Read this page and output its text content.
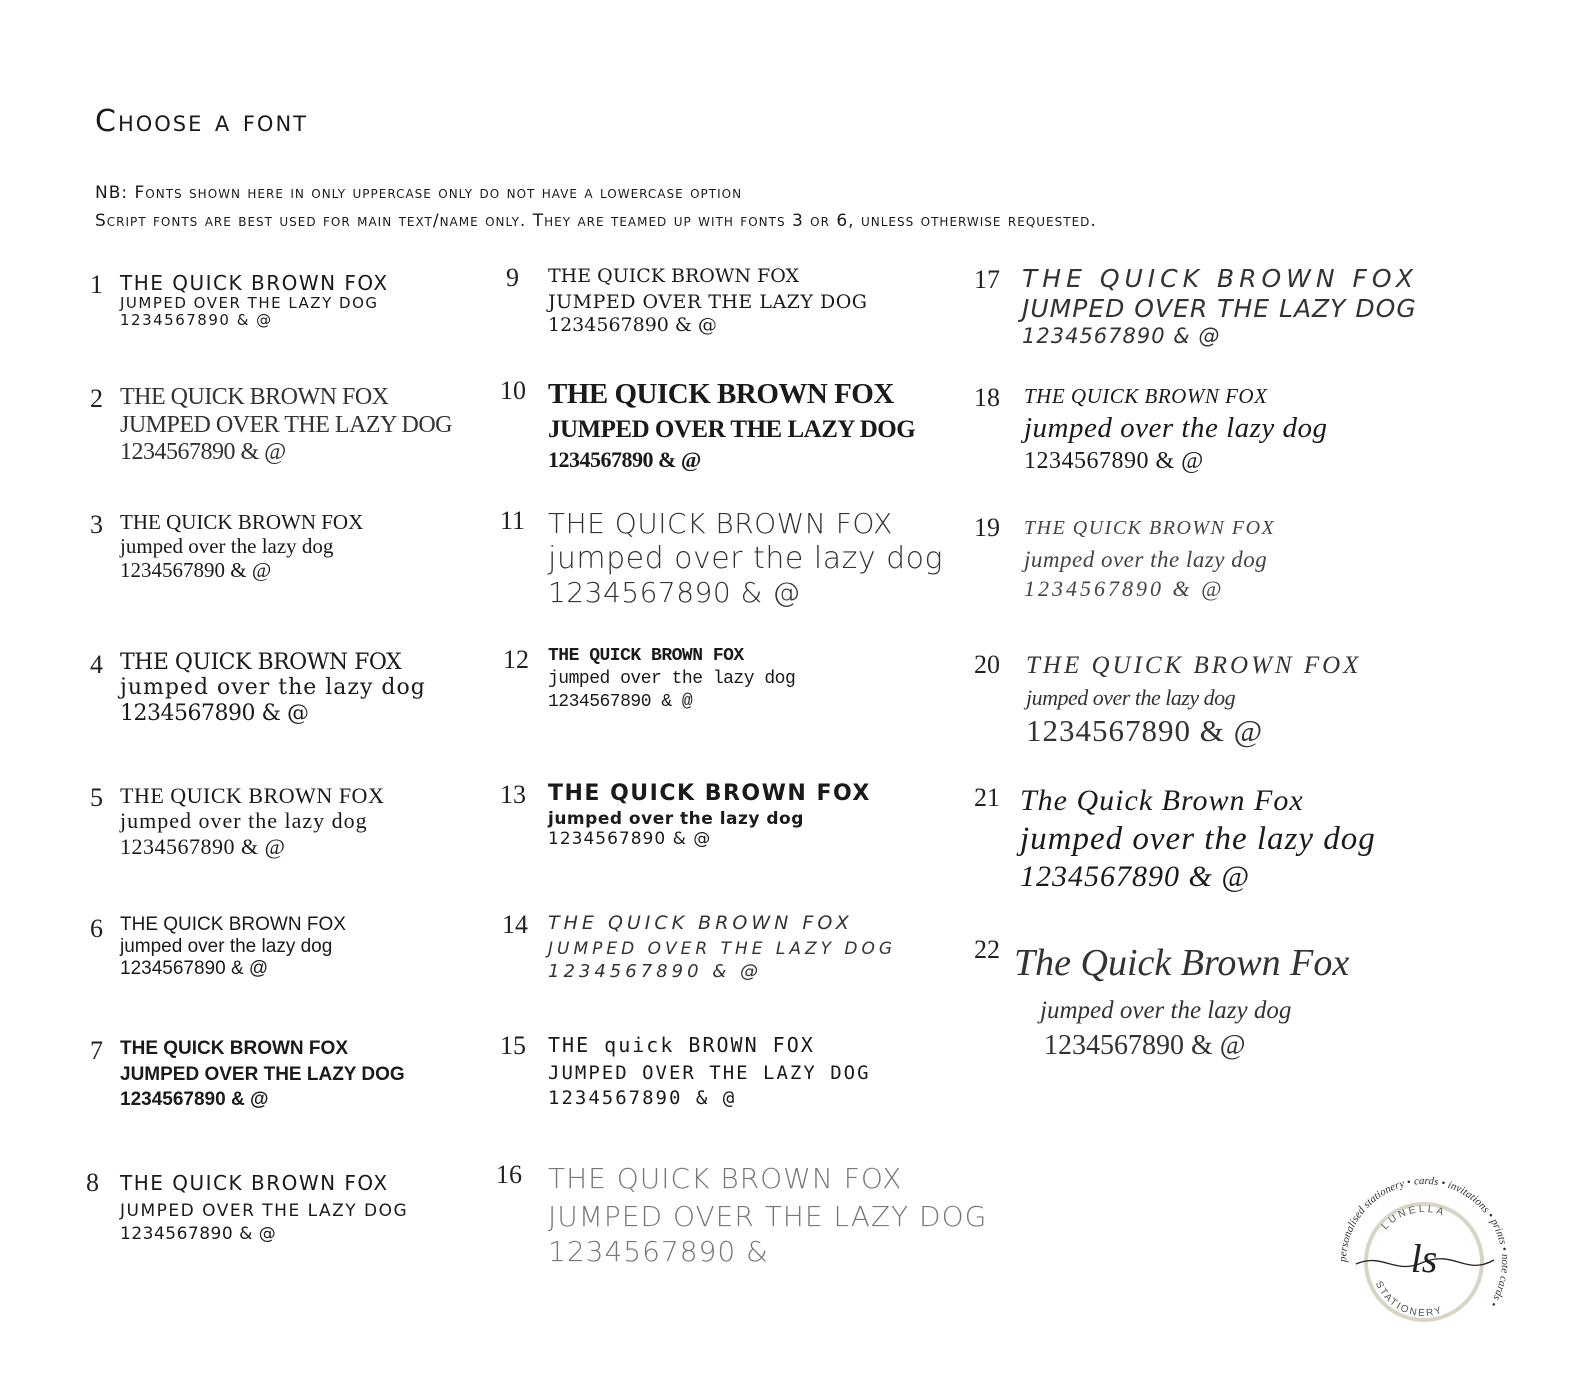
Choose a font
NB: Fonts shown here in only uppercase only do not have a lowercase option
Script fonts are best used for main text/name only. They are teamed up with fonts 3 or 6, unless otherwise requested.
1 THE QUICK BROWN FOX
JUMPED OVER THE LAZY DOG
1234567890 & @
2 THE QUICK BROWN FOX
JUMPED OVER THE LAZY DOG
1234567890 & @
3 THE QUICK BROWN FOX
jumped over the lazy dog
1234567890 & @
4 THE QUICK BROWN FOX
jumped over the lazy dog
1234567890 & @
5 THE QUICK BROWN FOX
jumped over the lazy dog
1234567890 & @
6 THE QUICK BROWN FOX
jumped over the lazy dog
1234567890 & @
7 THE QUICK BROWN FOX
JUMPED OVER THE LAZY DOG
1234567890 & @
8 THE QUICK BROWN FOX
JUMPED OVER THE LAZY DOG
1234567890 & @
9 THE QUICK BROWN FOX
JUMPED OVER THE LAZY DOG
1234567890 & @
10 THE QUICK BROWN FOX
JUMPED OVER THE LAZY DOG
1234567890 & @
11 THE QUICK BROWN FOX
jumped over the lazy dog
1234567890 & @
12 THE QUICK BROWN FOX
jumped over the lazy dog
1234567890 & @
13 THE QUICK BROWN FOX
jumped over the lazy dog
1234567890 & @
14 THE QUICK BROWN FOX
JUMPED OVER THE LAZY DOG
1234567890 & @
15 THE quick BROWN FOX
JUMPED OVER THE LAZY DOG
1234567890 & @
16 THE QUICK BROWN FOX
JUMPED OVER THE LAZY DOG
1234567890 &
17 THE QUICK BROWN FOX
JUMPED OVER THE LAZY DOG
1234567890 & @
18 THE QUICK BROWN FOX
jumped over the lazy dog
1234567890 & @
19 THE QUICK BROWN FOX
jumped over the lazy dog
1234567890 & @
20 THE QUICK BROWN FOX
jumped over the lazy dog
1234567890 & @
21 The Quick Brown Fox
jumped over the lazy dog
1234567890 & @
22 The Quick Brown Fox
jumped over the lazy dog
1234567890 & @
personalised stationery • cards • invitations • prints • note cards •
LUNELLA
STATIONERY
ls
